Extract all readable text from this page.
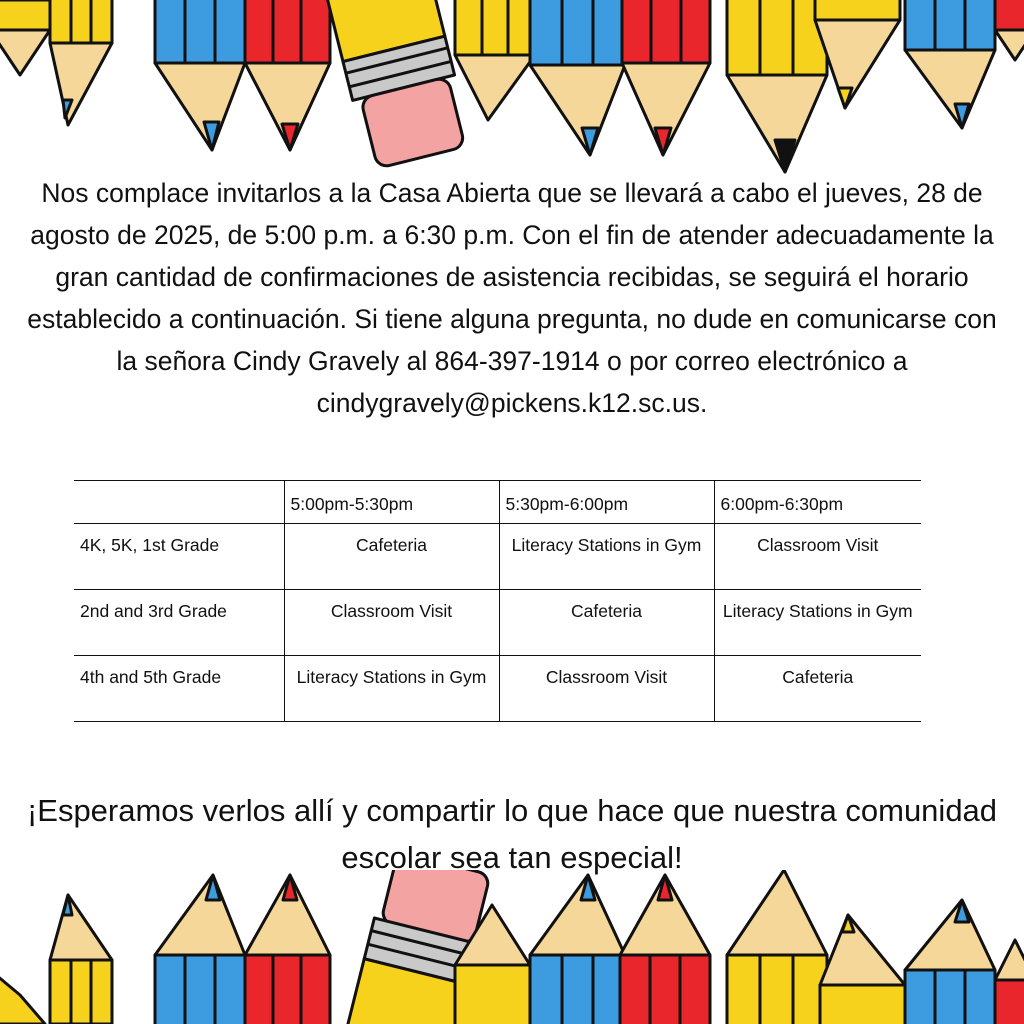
Nos complace invitarlos a la Casa Abierta que se llevará a cabo el jueves, 28 de agosto de 2025, de 5:00 p.m. a 6:30 p.m. Con el fin de atender adecuadamente la gran cantidad de confirmaciones de asistencia recibidas, se seguirá el horario establecido a continuación. Si tiene alguna pregunta, no dude en comunicarse con la señora Cindy Gravely al 864-397-1914 o por correo electrónico a cindygravely@pickens.k12.sc.us.

	5:00pm-5:30pm	5:30pm-6:00pm	6:00pm-6:30pm
4K, 5K, 1st Grade	Cafeteria	Literacy Stations in Gym	Classroom Visit
2nd and 3rd Grade	Classroom Visit	Cafeteria	Literacy Stations in Gym
4th and 5th Grade	Literacy Stations in Gym	Classroom Visit	Cafeteria

¡Esperamos verlos allí y compartir lo que hace que nuestra comunidad escolar sea tan especial!
